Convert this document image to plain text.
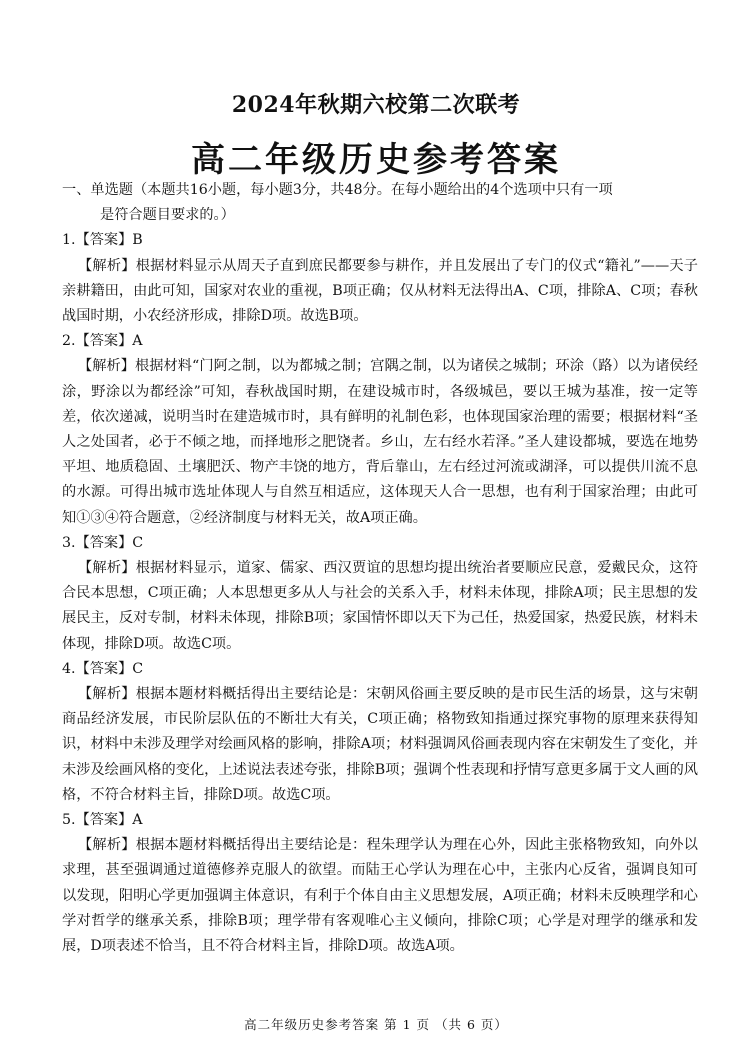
2024年秋期六校第二次联考
高二年级历史参考答案

一、单选题（本题共16小题，每小题3分，共48分。在每小题给出的4个选项中只有一项

是符合题目要求的。）

1.【答案】B

【解析】根据材料显示从周天子直到庶民都要参与耕作，并且发展出了专门的仪式“籍礼”——天子亲耕籍田，由此可知，国家对农业的重视，B项正确；仅从材料无法得出A、C项，排除A、C项；春秋战国时期，小农经济形成，排除D项。故选B项。

2.【答案】A

【解析】根据材料“门阿之制，以为都城之制；宫隅之制，以为诸侯之城制；环涂（路）以为诸侯经涂，野涂以为都经涂”可知，春秋战国时期，在建设城市时，各级城邑，要以王城为基准，按一定等差，依次递减，说明当时在建造城市时，具有鲜明的礼制色彩，也体现国家治理的需要；根据材料“圣人之处国者，必于不倾之地，而择地形之肥饶者。乡山，左右经水若泽。”圣人建设都城，要选在地势平坦、地质稳固、土壤肥沃、物产丰饶的地方，背后靠山，左右经过河流或湖泽，可以提供川流不息的水源。可得出城市选址体现人与自然互相适应，这体现天人合一思想，也有利于国家治理；由此可知①③④符合题意，②经济制度与材料无关，故A项正确。

3.【答案】C

【解析】根据材料显示，道家、儒家、西汉贾谊的思想均提出统治者要顺应民意，爱戴民众，这符合民本思想，C项正确；人本思想更多从人与社会的关系入手，材料未体现，排除A项；民主思想的发展民主，反对专制，材料未体现，排除B项；家国情怀即以天下为己任，热爱国家，热爱民族，材料未体现，排除D项。故选C项。

4.【答案】C

【解析】根据本题材料概括得出主要结论是：宋朝风俗画主要反映的是市民生活的场景，这与宋朝商品经济发展，市民阶层队伍的不断壮大有关，C项正确；格物致知指通过探究事物的原理来获得知识，材料中未涉及理学对绘画风格的影响，排除A项；材料强调风俗画表现内容在宋朝发生了变化，并未涉及绘画风格的变化，上述说法表述夸张，排除B项；强调个性表现和抒情写意更多属于文人画的风格，不符合材料主旨，排除D项。故选C项。

5.【答案】A

【解析】根据本题材料概括得出主要结论是：程朱理学认为理在心外，因此主张格物致知，向外以求理，甚至强调通过道德修养克服人的欲望。而陆王心学认为理在心中，主张内心反省，强调良知可以发现，阳明心学更加强调主体意识，有利于个体自由主义思想发展，A项正确；材料未反映理学和心学对哲学的继承关系，排除B项；理学带有客观唯心主义倾向，排除C项；心学是对理学的继承和发展，D项表述不恰当，且不符合材料主旨，排除D项。故选A项。

高二年级历史参考答案 第 1 页 （共 6 页）
